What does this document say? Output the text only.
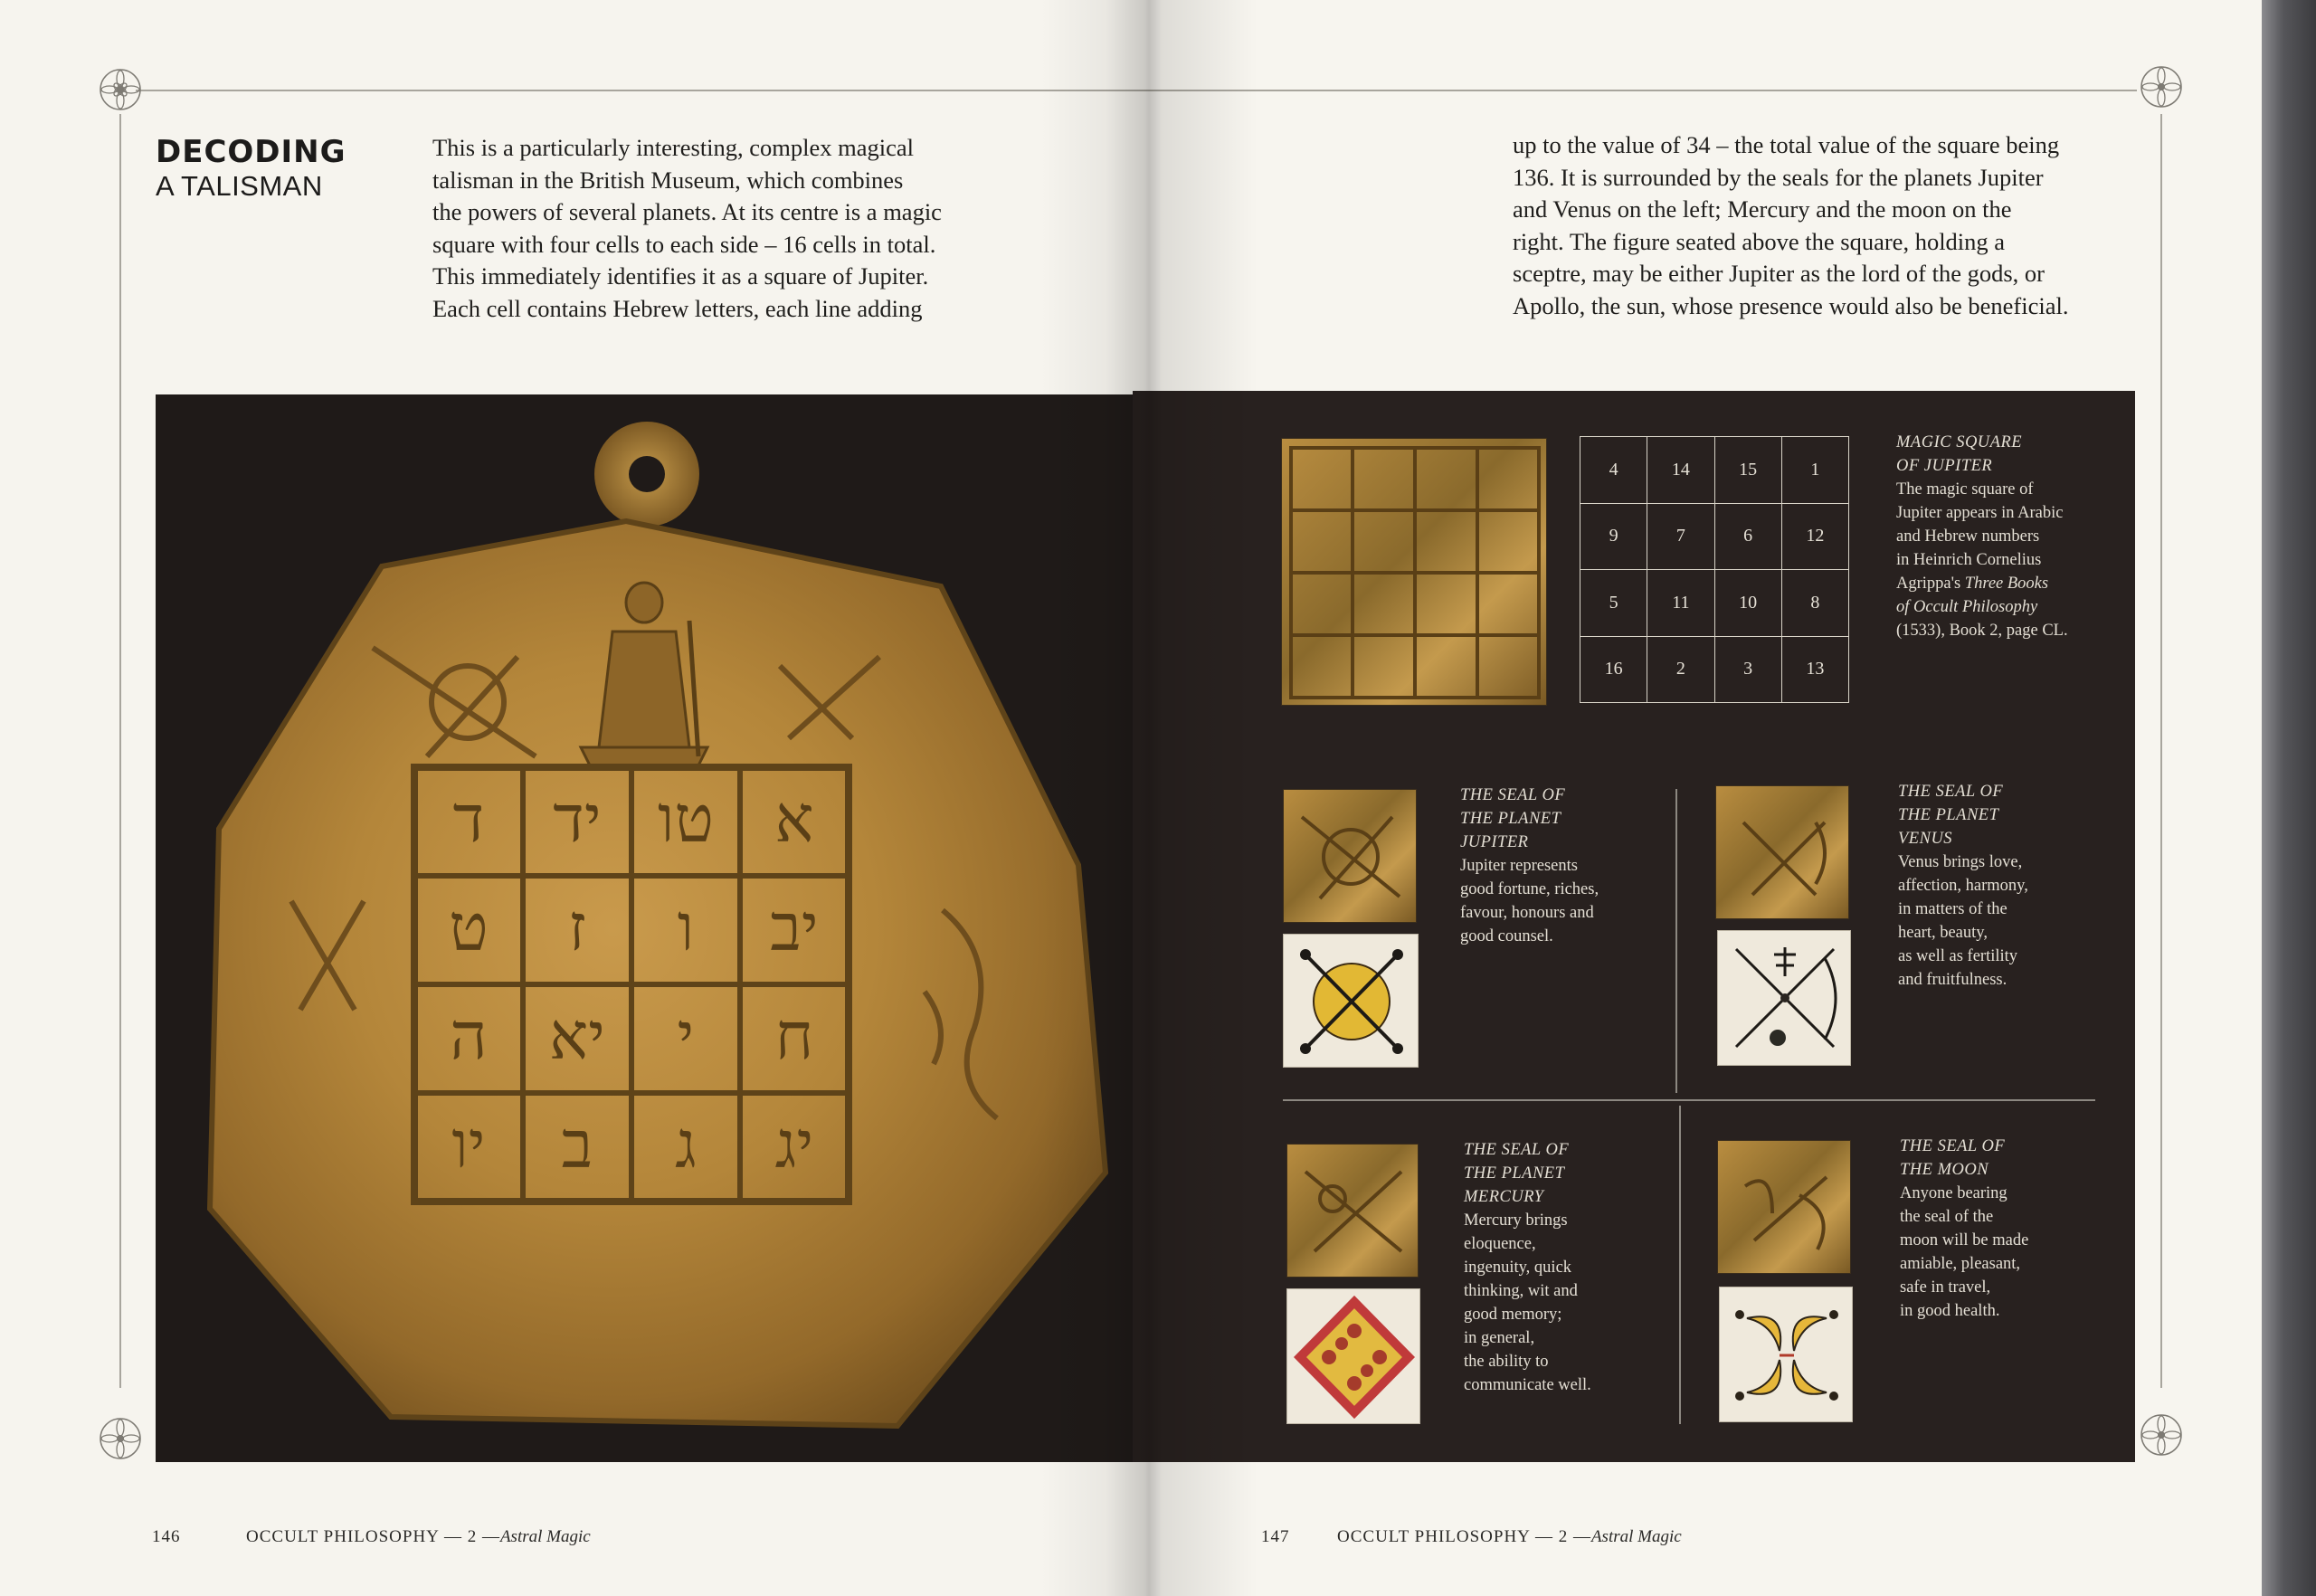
DECODING
A TALISMAN
This is a particularly interesting, complex magical
talisman in the British Museum, which combines
the powers of several planets. At its centre is a magic
square with four cells to each side – 16 cells in total.
This immediately identifies it as a square of Jupiter.
Each cell contains Hebrew letters, each line adding
up to the value of 34 – the total value of the square being
136. It is surrounded by the seals for the planets Jupiter
and Venus on the left; Mercury and the moon on the
right. The figure seated above the square, holding a
sceptre, may be either Jupiter as the lord of the gods, or
Apollo, the sun, whose presence would also be beneficial.
ד יד טו א
ט ז ו יב
ה יא י ח
יו ב ג יג
4	14	15	1
9	7	6	12
5	11	10	8
16	2	3	13
MAGIC SQUARE
OF JUPITER
The magic square of
Jupiter appears in Arabic
and Hebrew numbers
in Heinrich Cornelius
Agrippa's Three Books
of Occult Philosophy
(1533), Book 2, page CL.
THE SEAL OF
THE PLANET
JUPITER
Jupiter represents
good fortune, riches,
favour, honours and
good counsel.
THE SEAL OF
THE PLANET
VENUS
Venus brings love,
affection, harmony,
in matters of the
heart, beauty,
as well as fertility
and fruitfulness.
THE SEAL OF
THE PLANET
MERCURY
Mercury brings
eloquence,
ingenuity, quick
thinking, wit and
good memory;
in general,
the ability to
communicate well.
THE SEAL OF
THE MOON
Anyone bearing
the seal of the
moon will be made
amiable, pleasant,
safe in travel,
in good health.
146	OCCULT PHILOSOPHY — 2 —Astral Magic	147	OCCULT PHILOSOPHY — 2 —Astral Magic
